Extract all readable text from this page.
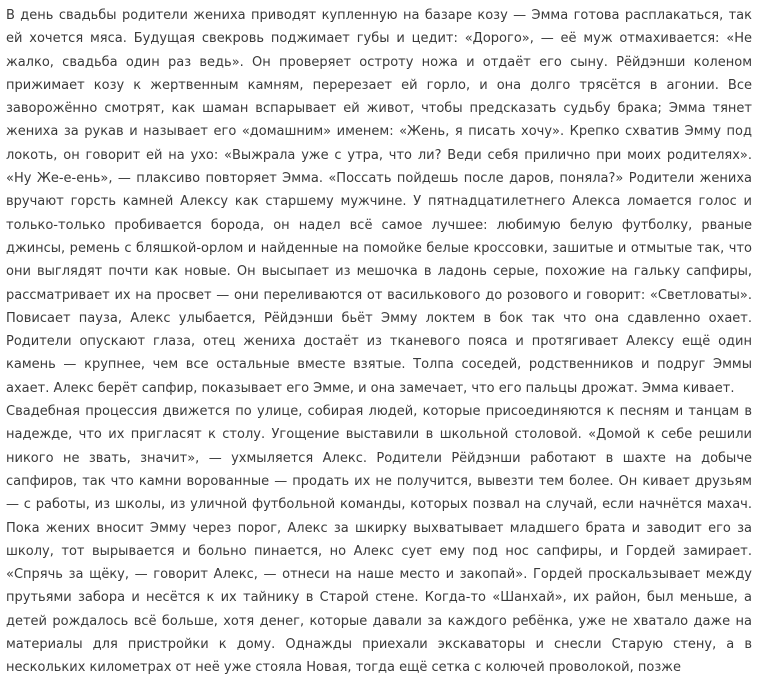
В день свадьбы родители жениха приводят купленную на базаре козу — Эмма готова расплакаться, так ей хочется мяса. Будущая свекровь поджимает губы и цедит: «Дорого», — её муж отмахивается: «Не жалко, свадьба один раз ведь». Он проверяет остроту ножа и отдаёт его сыну. Рёйдэнши коленом прижимает козу к жертвенным камням, перерезает ей горло, и она долго трясётся в агонии. Все заворожённо смотрят, как шаман вспарывает ей живот, чтобы предсказать судьбу брака; Эмма тянет жениха за рукав и называет его «домашним» именем: «Жень, я писать хочу». Крепко схватив Эмму под локоть, он говорит ей на ухо: «Выжрала уже с утра, что ли? Веди себя прилично при моих родителях». «Ну Же-е-ень», — плаксиво повторяет Эмма. «Поссать пойдешь после даров, поняла?» Родители жениха вручают горсть камней Алексу как старшему мужчине. У пятнадцатилетнего Алекса ломается голос и только-только пробивается борода, он надел всё самое лучшее: любимую белую футболку, рваные джинсы, ремень с бляшкой-орлом и найденные на помойке белые кроссовки, зашитые и отмытые так, что они выглядят почти как новые. Он высыпает из мешочка в ладонь серые, похожие на гальку сапфиры, рассматривает их на просвет — они переливаются от василькового до розового и говорит: «Светловаты». Повисает пауза, Алекс улыбается, Рёйдэнши бьёт Эмму локтем в бок так что она сдавленно охает. Родители опускают глаза, отец жениха достаёт из тканевого пояса и протягивает Алексу ещё один камень — крупнее, чем все остальные вместе взятые. Толпа соседей, родственников и подруг Эммы ахает. Алекс берёт сапфир, показывает его Эмме, и она замечает, что его пальцы дрожат. Эмма кивает.

Свадебная процессия движется по улице, собирая людей, которые присоединяются к песням и танцам в надежде, что их пригласят к столу. Угощение выставили в школьной столовой. «Домой к себе решили никого не звать, значит», — ухмыляется Алекс. Родители Рёйдэнши работают в шахте на добыче сапфиров, так что камни ворованные — продать их не получится, вывезти тем более. Он кивает друзьям — с работы, из школы, из уличной футбольной команды, которых позвал на случай, если начнётся махач. Пока жених вносит Эмму через порог, Алекс за шкирку выхватывает младшего брата и заводит его за школу, тот вырывается и больно пинается, но Алекс сует ему под нос сапфиры, и Гордей замирает. «Спрячь за щёку, — говорит Алекс, — отнеси на наше место и закопай». Гордей проскальзывает между прутьями забора и несётся к их тайнику в Старой стене. Когда-то «Шанхай», их район, был меньше, а детей рождалось всё больше, хотя денег, которые давали за каждого ребёнка, уже не хватало даже на материалы для пристройки к дому. Однажды приехали экскаваторы и снесли Старую стену, а в нескольких километрах от неё уже стояла Новая, тогда ещё сетка с колючей проволокой, позже
